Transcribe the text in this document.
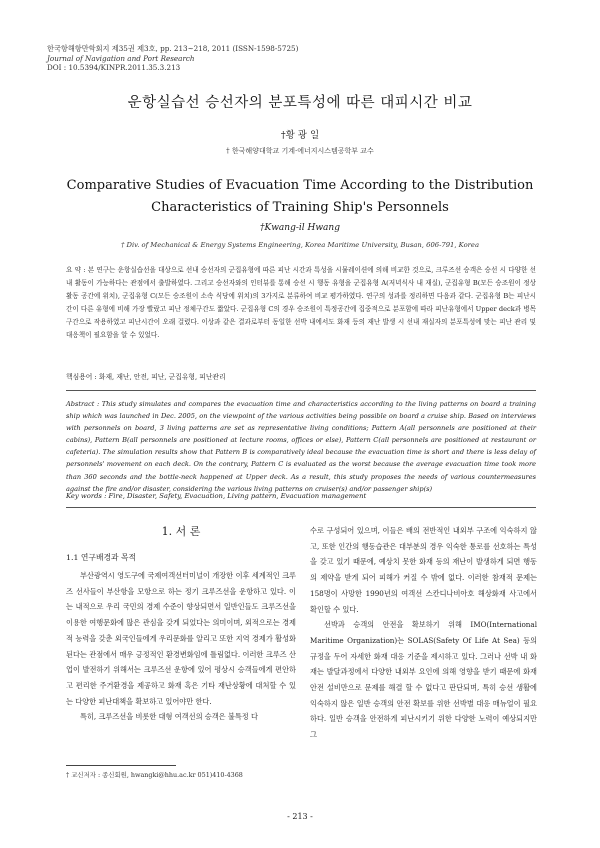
한국항해항만학회지 제35권 제3호, pp. 213~218, 2011 (ISSN-1598-5725)
Journal of Navigation and Port Research
DOI : 10.5394/KINPR.2011.35.3.213
운항실습선 승선자의 분포특성에 따른 대피시간 비교
†황 광 일
† 한국해양대학교 기계·에너지시스템공학부 교수
Comparative Studies of Evacuation Time According to the Distribution
Characteristics of Training Ship's Personnels
†Kwang-il Hwang
† Div. of Mechanical & Energy Systems Engineering, Korea Maritime University, Busan, 606-791, Korea
요 약 : 본 연구는 운항실습선을 대상으로 선내 승선자의 군집유형에 따른 피난 시간과 특성을 시뮬레이션에 의해 비교한 것으로, 크루즈선 승객은 승선 시 다양한 선내 활동이 가능하다는 관점에서 출발하였다. 그리고 승선자와의 인터뷰를 통해 승선 시 행동 유형을 군집유형 A(저녁식사 내 재실), 군집유형 B(모든 승조원이 정상활동 공간에 위치), 군집유형 C(모든 승조원이 소속 식당에 위치)의 3가지로 분류하여 비교 평가하였다. 연구의 성과를 정리하면 다음과 같다. 군집유형 B는 피난시간이 다른 유형에 비해 가장 빨랐고 피난 정체구간도 짧았다. 군집유형 C의 경우 승조원이 특정공간에 집중적으로 분포함에 따라 피난유형에서 Upper deck과 병목 구간으로 작용하였고 피난시간이 오래 걸렸다. 이상과 같은 결과로부터 동일한 선박 내에서도 화재 등의 재난 발생 시 선내 재실자의 분포특성에 맞는 피난 관리 및 대응책이 필요함을 알 수 있었다.
핵심용어 : 화재, 재난, 안전, 피난, 군집유형, 피난관리
Abstract : This study simulates and compares the evacuation time and characteristics according to the living patterns on board a training ship which was launched in Dec. 2005, on the viewpoint of the various activities being possible on board a cruise ship. Based on interviews with personnels on board, 3 living patterns are set as representative living conditions; Pattern A(all personnels are positioned at their cabins), Pattern B(all personnels are positioned at lecture rooms, offices or else), Pattern C(all personnels are positioned at restaurant or cafeteria). The simulation results show that Pattern B is comparatively ideal because the evacuation time is short and there is less delay of personnels' movement on each deck. On the contrary, Pattern C is evaluated as the worst because the average evacuation time took more than 360 seconds and the bottle-neck happened at Upper deck. As a result, this study proposes the needs of various countermeasures against the fire and/or disaster, considering the various living patterns on cruiser(s) and/or passenger ship(s)
Key words : Fire, Disaster, Safety, Evacuation, Living pattern, Evacuation management
1. 서 론
1.1 연구배경과 목적

부산광역시 영도구에 국제여객선터미널이 개장한 이후 세계적인 크루즈 선사들이 부산항을 모항으로 하는 정기 크루즈선을 운항하고 있다. 이는 내적으로 우리 국민의 경제 수준이 향상되면서 일반인들도 크루즈선을 이용한 여행문화에 많은 관심을 갖게 되었다는 의미이며, 외적으로는 경제적 능력을 갖춘 외국인들에게 우리문화를 알리고 또한 지역 경제가 활성화된다는 관점에서 매우 긍정적인 환경변화임에 틀림없다. 이러한 크루즈 산업이 발전하기 위해서는 크루즈선 운항에 있어 평상시 승객들에게 편안하고 편리한 주거환경을 제공하고 화재 혹은 기타 재난상황에 대처할 수 있는 다양한 피난대책을 확보하고 있어야만 한다.

특히, 크루즈선을 비롯한 대형 여객선의 승객은 불특정 다

수로 구성되어 있으며, 이들은 배의 전반적인 내외부 구조에 익숙하지 않고, 또한 인간의 행동습관은 대부분의 경우 익숙한 통로를 선호하는 특성을 갖고 있기 때문에, 예상치 못한 화재 등의 재난이 발생하게 되면 행동의 제약을 받게 되어 피해가 커질 수 밖에 없다. 이러한 참재적 문제는 158명이 사망한 1990년의 여객선 스칸디나비아호 해상화재 사고에서 확인할 수 있다.

선박과 승객의 안전을 확보하기 위해 IMO(International Maritime Organization)는 SOLAS(Safety Of Life At Sea) 등의 규정을 두어 자세한 화재 대응 기준을 제시하고 있다. 그러나 선박 내 화재는 발달과정에서 다양한 내외부 요인에 의해 영향을 받기 때문에 화재안전 설비만으로 문제를 해결 할 수 없다고 판단되며, 특히 승선 생활에 익숙하지 않은 일반 승객의 안전 확보를 위한 선박별 대응 매뉴얼이 필요하다. 일반 승객을 안전하게 피난시키기 위한 다양한 노력이 예상되지만 그

† 교신저자 : 종신회원, hwangki@hhu.ac.kr 051)410-4368
- 213 -
